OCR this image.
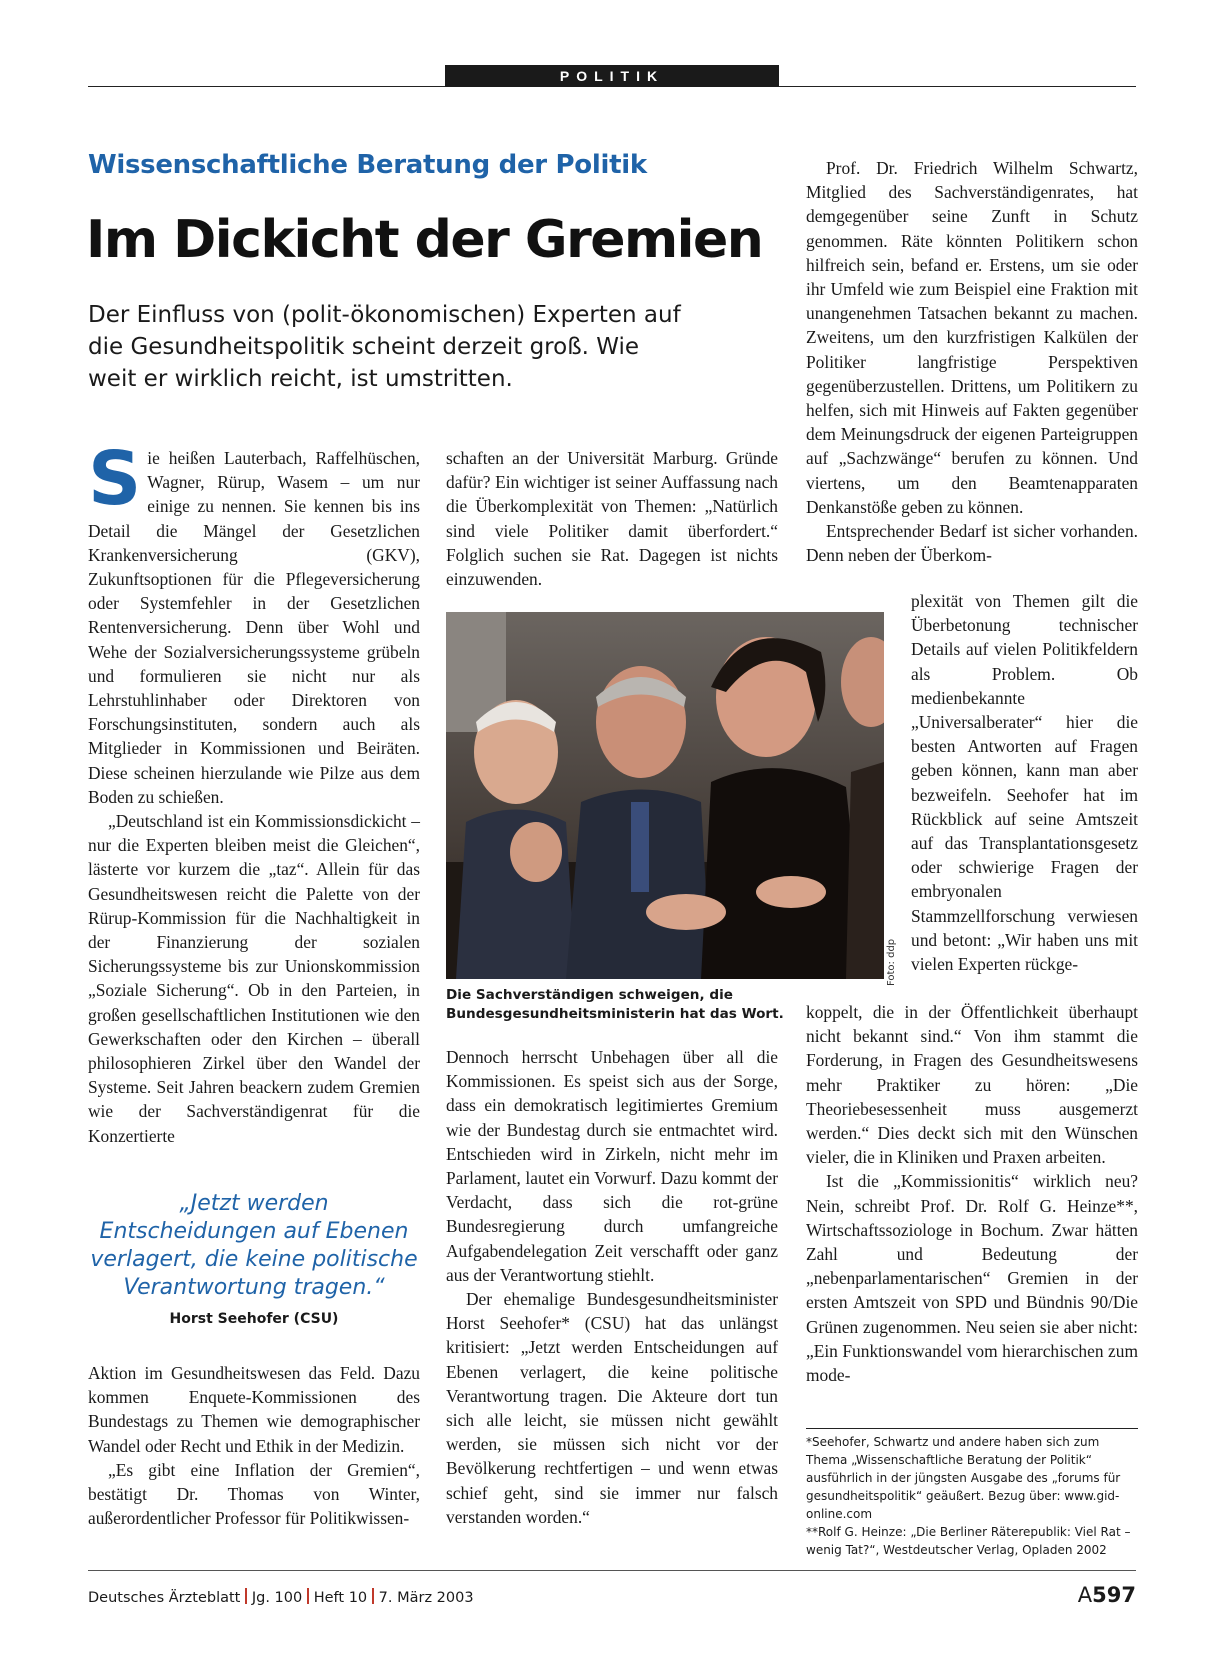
POLITIK
Wissenschaftliche Beratung der Politik
Im Dickicht der Gremien
Der Einfluss von (polit-ökonomischen) Experten auf die Gesundheitspolitik scheint derzeit groß. Wie weit er wirklich reicht, ist umstritten.

Sie heißen Lauterbach, Raffelhüschen, Wagner, Rürup, Wasem – um nur einige zu nennen. Sie kennen bis ins Detail die Mängel der Gesetzlichen Krankenversicherung (GKV), Zukunftsoptionen für die Pflegeversicherung oder Systemfehler in der Gesetzlichen Rentenversicherung. Denn über Wohl und Wehe der Sozialversicherungssysteme grübeln und formulieren sie nicht nur als Lehrstuhlinhaber oder Direktoren von Forschungsinstituten, sondern auch als Mitglieder in Kommissionen und Beiräten. Diese scheinen hierzulande wie Pilze aus dem Boden zu schießen.

„Deutschland ist ein Kommissionsdickicht – nur die Experten bleiben meist die Gleichen“, lästerte vor kurzem die „taz“. Allein für das Gesundheitswesen reicht die Palette von der Rürup-Kommission für die Nachhaltigkeit in der Finanzierung der sozialen Sicherungssysteme bis zur Unionskommission „Soziale Sicherung“. Ob in den Parteien, in großen gesellschaftlichen Institutionen wie den Gewerkschaften oder den Kirchen – überall philosophieren Zirkel über den Wandel der Systeme. Seit Jahren beackern zudem Gremien wie der Sachverständigenrat für die Konzertierte

„Jetzt werden Entscheidungen auf Ebenen verlagert, die keine politische Verantwortung tragen.“
Horst Seehofer (CSU)

Aktion im Gesundheitswesen das Feld. Dazu kommen Enquete-Kommissionen des Bundestags zu Themen wie demographischer Wandel oder Recht und Ethik in der Medizin.

„Es gibt eine Inflation der Gremien“, bestätigt Dr. Thomas von Winter, außerordentlicher Professor für Politikwissen-

schaften an der Universität Marburg. Gründe dafür? Ein wichtiger ist seiner Auffassung nach die Überkomplexität von Themen: „Natürlich sind viele Politiker damit überfordert.“ Folglich suchen sie Rat. Dagegen ist nichts einzuwenden.

Foto: ddp
Die Sachverständigen schweigen, die Bundesgesundheitsministerin hat das Wort.

Dennoch herrscht Unbehagen über all die Kommissionen. Es speist sich aus der Sorge, dass ein demokratisch legitimiertes Gremium wie der Bundestag durch sie entmachtet wird. Entschieden wird in Zirkeln, nicht mehr im Parlament, lautet ein Vorwurf. Dazu kommt der Verdacht, dass sich die rot-grüne Bundesregierung durch umfangreiche Aufgabendelegation Zeit verschafft oder ganz aus der Verantwortung stiehlt.

Der ehemalige Bundesgesundheitsminister Horst Seehofer* (CSU) hat das unlängst kritisiert: „Jetzt werden Entscheidungen auf Ebenen verlagert, die keine politische Verantwortung tragen. Die Akteure dort tun sich alle leicht, sie müssen nicht gewählt werden, sie müssen sich nicht vor der Bevölkerung rechtfertigen – und wenn etwas schief geht, sind sie immer nur falsch verstanden worden.“

Prof. Dr. Friedrich Wilhelm Schwartz, Mitglied des Sachverständigenrates, hat demgegenüber seine Zunft in Schutz genommen. Räte könnten Politikern schon hilfreich sein, befand er. Erstens, um sie oder ihr Umfeld wie zum Beispiel eine Fraktion mit unangenehmen Tatsachen bekannt zu machen. Zweitens, um den kurzfristigen Kalkülen der Politiker langfristige Perspektiven gegenüberzustellen. Drittens, um Politikern zu helfen, sich mit Hinweis auf Fakten gegenüber dem Meinungsdruck der eigenen Parteigruppen auf „Sachzwänge“ berufen zu können. Und viertens, um den Beamtenapparaten Denkanstöße geben zu können.

Entsprechender Bedarf ist sicher vorhanden. Denn neben der Überkom-

plexität von Themen gilt die Überbetonung technischer Details auf vielen Politikfeldern als Problem. Ob medienbekannte „Universalberater“ hier die besten Antworten auf Fragen geben können, kann man aber bezweifeln. Seehofer hat im Rückblick auf seine Amtszeit auf das Transplantationsgesetz oder schwierige Fragen der embryonalen Stammzellforschung verwiesen und betont: „Wir haben uns mit vielen Experten rückge-

koppelt, die in der Öffentlichkeit überhaupt nicht bekannt sind.“ Von ihm stammt die Forderung, in Fragen des Gesundheitswesens mehr Praktiker zu hören: „Die Theoriebesessenheit muss ausgemerzt werden.“ Dies deckt sich mit den Wünschen vieler, die in Kliniken und Praxen arbeiten.

Ist die „Kommissionitis“ wirklich neu? Nein, schreibt Prof. Dr. Rolf G. Heinze**, Wirtschaftssoziologe in Bochum. Zwar hätten Zahl und Bedeutung der „nebenparlamentarischen“ Gremien in der ersten Amtszeit von SPD und Bündnis 90/Die Grünen zugenommen. Neu seien sie aber nicht: „Ein Funktionswandel vom hierarchischen zum mode-

*Seehofer, Schwartz und andere haben sich zum Thema „Wissenschaftliche Beratung der Politik“ ausführlich in der jüngsten Ausgabe des „forums für gesundheitspolitik“ geäußert. Bezug über: www.gid-online.com

**Rolf G. Heinze: „Die Berliner Räterepublik: Viel Rat – wenig Tat?“, Westdeutscher Verlag, Opladen 2002

Deutsches Ärzteblatt Jg. 100 Heft 10 7. März 2003	A597
